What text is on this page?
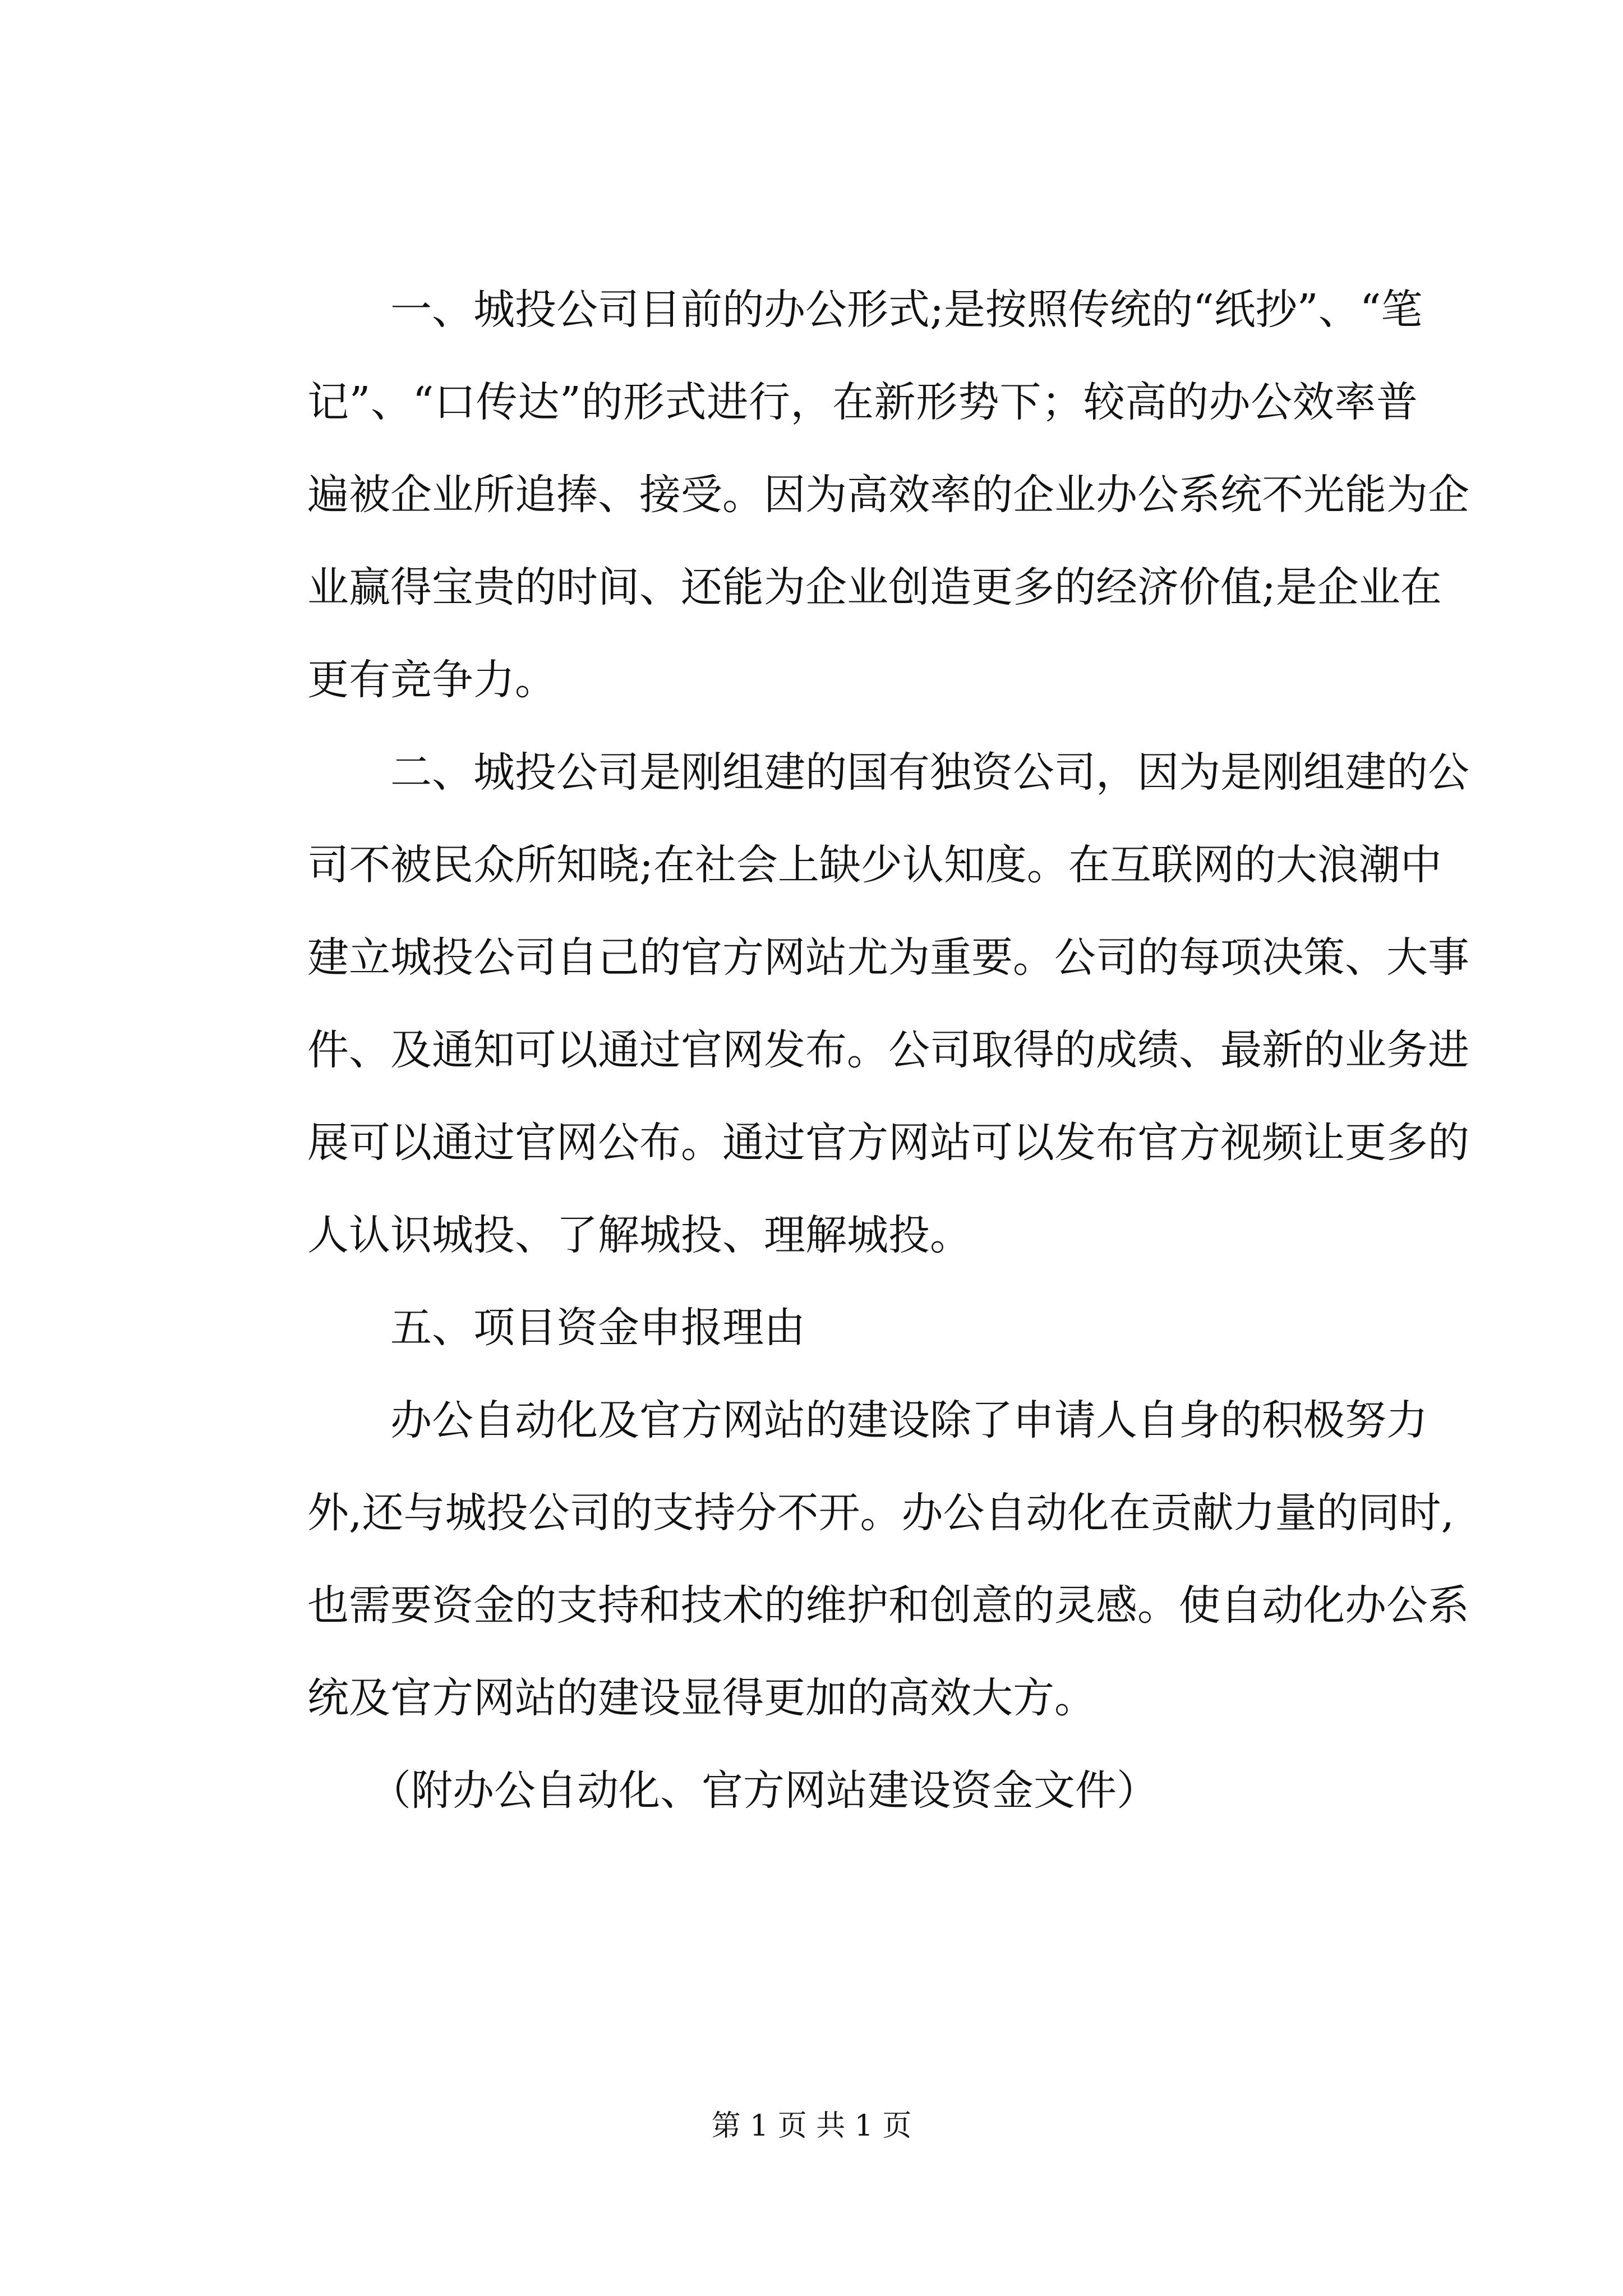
　　一、城投公司目前的办公形式;是按照传统的“纸抄”、“笔
记”、“口传达”的形式进行，在新形势下；较高的办公效率普
遍被企业所追捧、接受。因为高效率的企业办公系统不光能为企
业赢得宝贵的时间、还能为企业创造更多的经济价值;是企业在
更有竞争力。
　　二、城投公司是刚组建的国有独资公司，因为是刚组建的公
司不被民众所知晓;在社会上缺少认知度。在互联网的大浪潮中
建立城投公司自己的官方网站尤为重要。公司的每项决策、大事
件、及通知可以通过官网发布。公司取得的成绩、最新的业务进
展可以通过官网公布。通过官方网站可以发布官方视频让更多的
人认识城投、了解城投、理解城投。
　　五、项目资金申报理由
　　办公自动化及官方网站的建设除了申请人自身的积极努力
外,还与城投公司的支持分不开。办公自动化在贡献力量的同时,
也需要资金的支持和技术的维护和创意的灵感。使自动化办公系
统及官方网站的建设显得更加的高效大方。
　　（附办公自动化、官方网站建设资金文件）
第 1 页 共 1 页
